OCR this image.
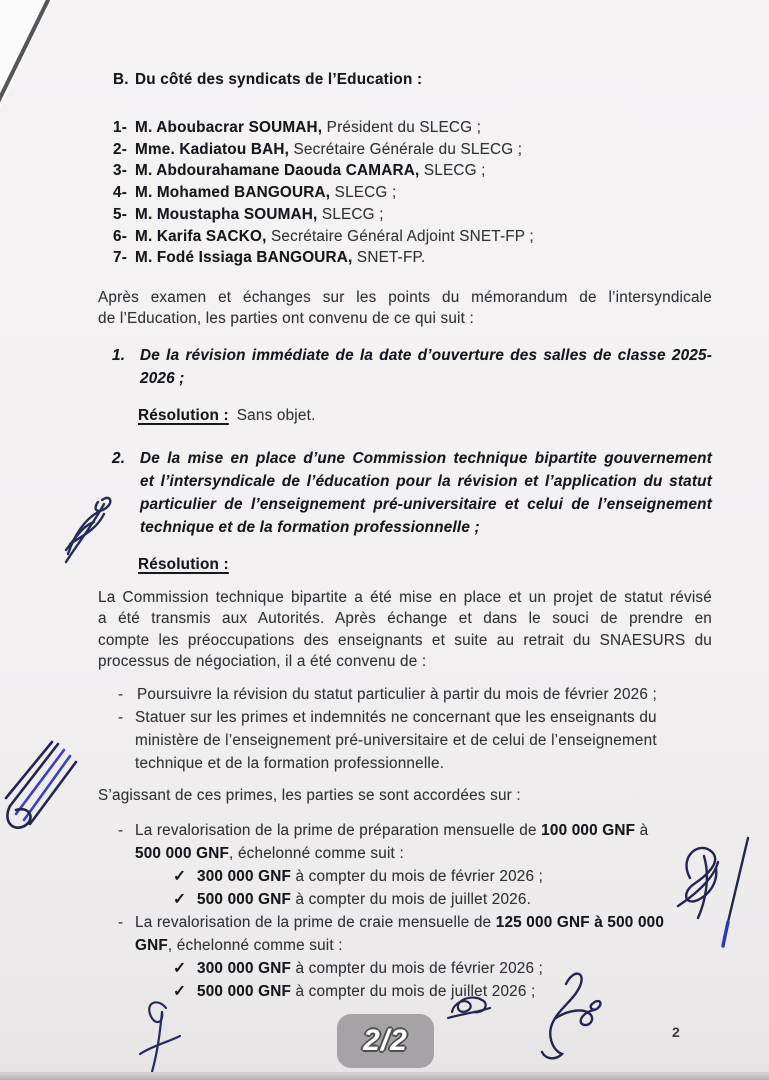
B. Du côté des syndicats de l’Education :
1- M. Aboubacrar SOUMAH, Président du SLECG ;
2- Mme. Kadiatou BAH, Secrétaire Générale du SLECG ;
3- M. Abdourahamane Daouda CAMARA, SLECG ;
4- M. Mohamed BANGOURA, SLECG ;
5- M. Moustapha SOUMAH, SLECG ;
6- M. Karifa SACKO, Secrétaire Général Adjoint SNET-FP ;
7- M. Fodé Issiaga BANGOURA, SNET-FP.
Après examen et échanges sur les points du mémorandum de l’intersyndicale
de l’Education, les parties ont convenu de ce qui suit :
1. De la révision immédiate de la date d’ouverture des salles de classe 2025-
2026 ;
Résolution : Sans objet.
2. De la mise en place d’une Commission technique bipartite gouvernement
et l’intersyndicale de l’éducation pour la révision et l’application du statut
particulier de l’enseignement pré-universitaire et celui de l’enseignement
technique et de la formation professionnelle ;
Résolution :
La Commission technique bipartite a été mise en place et un projet de statut révisé
a été transmis aux Autorités. Après échange et dans le souci de prendre en
compte les préoccupations des enseignants et suite au retrait du SNAESURS du
processus de négociation, il a été convenu de :
- Poursuivre la révision du statut particulier à partir du mois de février 2026 ;
- Statuer sur les primes et indemnités ne concernant que les enseignants du
ministère de l’enseignement pré-universitaire et de celui de l’enseignement
technique et de la formation professionnelle.
S’agissant de ces primes, les parties se sont accordées sur :
- La revalorisation de la prime de préparation mensuelle de 100 000 GNF à
500 000 GNF, échelonné comme suit :
✓ 300 000 GNF à compter du mois de février 2026 ;
✓ 500 000 GNF à compter du mois de juillet 2026.
- La revalorisation de la prime de craie mensuelle de 125 000 GNF à 500 000
GNF, échelonné comme suit :
✓ 300 000 GNF à compter du mois de février 2026 ;
✓ 500 000 GNF à compter du mois de juillet 2026 ;
2/2	2
